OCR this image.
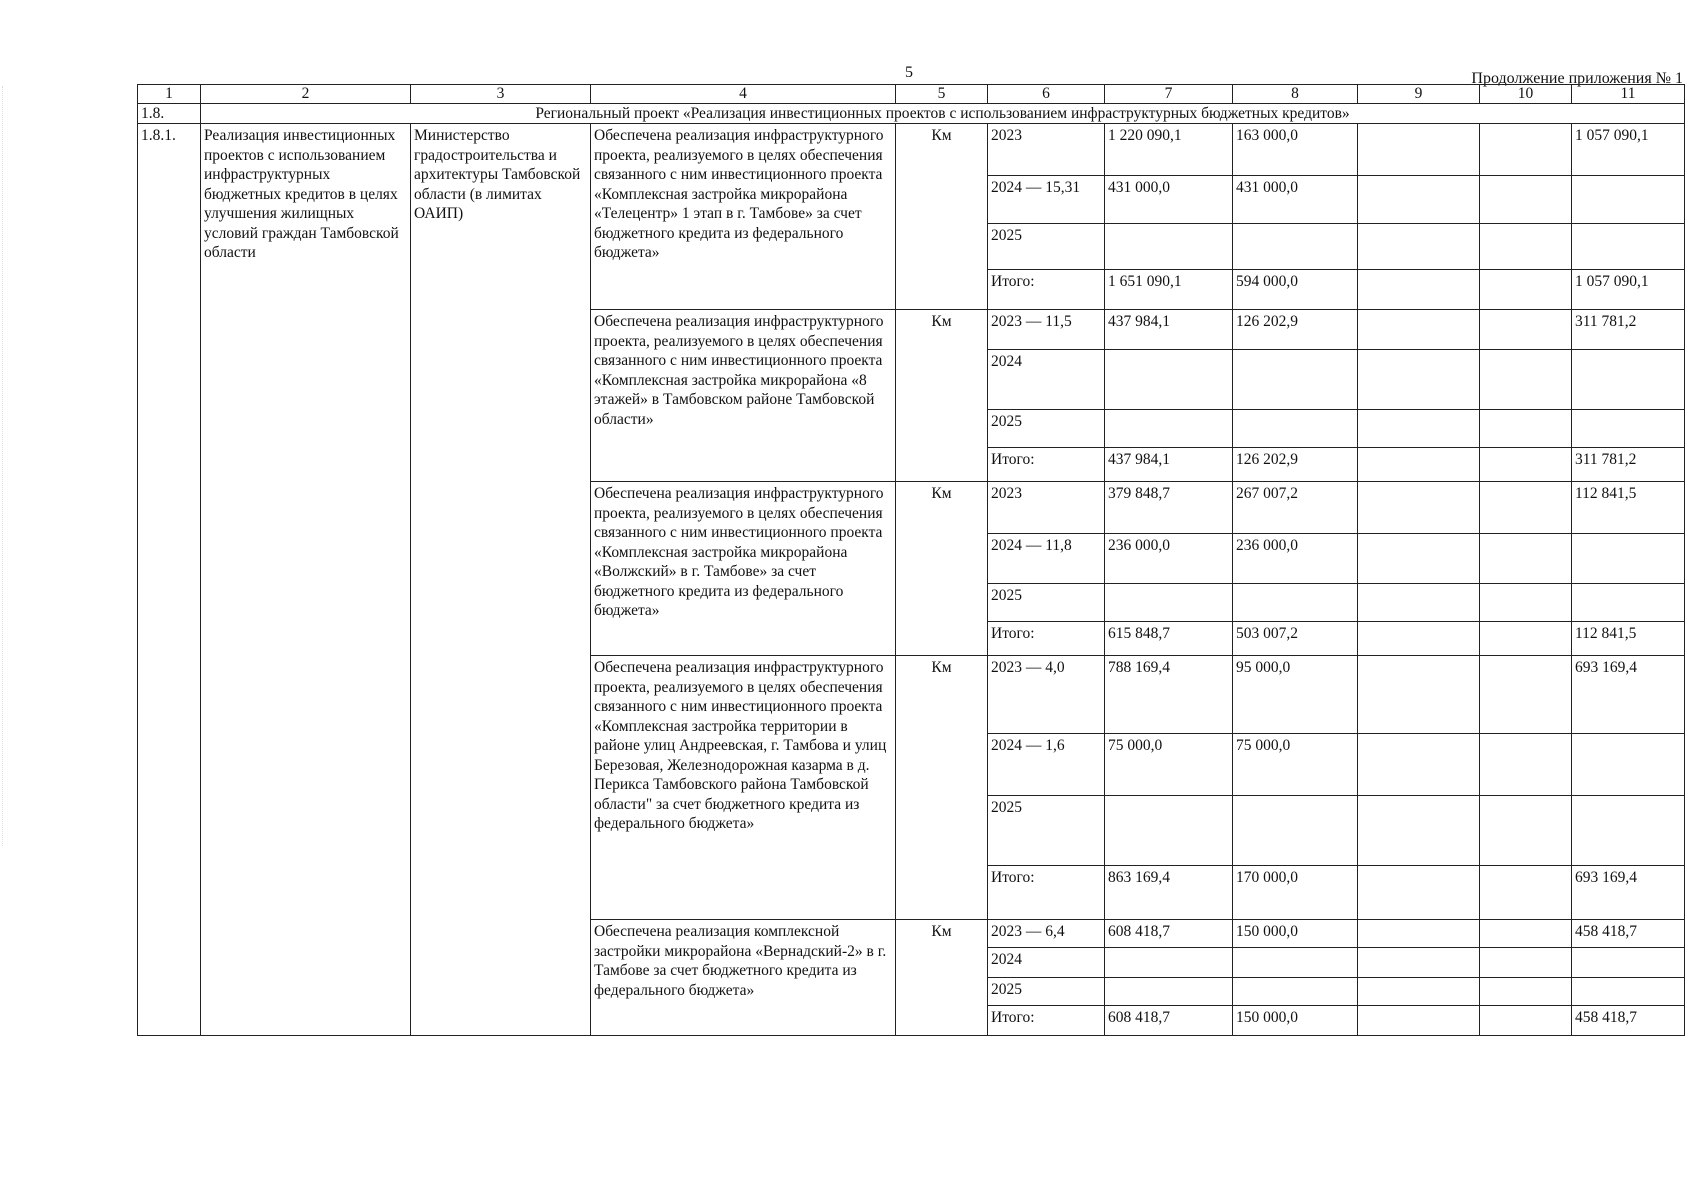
5	Продолжение приложения № 1
1	2	3	4	5	6	7	8	9	10	11
1.8.	Региональный проект «Реализация инвестиционных проектов с использованием инфраструктурных бюджетных кредитов»									
1.8.1.	Реализация инвестиционных проектов с использованием инфраструктурных бюджетных кредитов в целях улучшения жилищных условий граждан Тамбовской области	Министерство градостроительства и архитектуры Тамбовской области (в лимитах ОАИП)	Обеспечена реализация инфраструктурного проекта, реализуемого в целях обеспечения связанного с ним инвестиционного проекта «Комплексная застройка микрорайона «Телецентр» 1 этап в г. Тамбове» за счет бюджетного кредита из федерального бюджета»	Км	2023	1 220 090,1	163 000,0			1 057 090,1
					2024 — 15,31	431 000,0	431 000,0			
					2025					
					Итого:	1 651 090,1	594 000,0			1 057 090,1
			Обеспечена реализация инфраструктурного проекта, реализуемого в целях обеспечения связанного с ним инвестиционного проекта «Комплексная застройка микрорайона «8 этажей» в Тамбовском районе Тамбовской области»	Км	2023 — 11,5	437 984,1	126 202,9			311 781,2
					2024					
					2025					
					Итого:	437 984,1	126 202,9			311 781,2
			Обеспечена реализация инфраструктурного проекта, реализуемого в целях обеспечения связанного с ним инвестиционного проекта «Комплексная застройка микрорайона «Волжский» в г. Тамбове» за счет бюджетного кредита из федерального бюджета»	Км	2023	379 848,7	267 007,2			112 841,5
					2024 — 11,8	236 000,0	236 000,0			
					2025					
					Итого:	615 848,7	503 007,2			112 841,5
			Обеспечена реализация инфраструктурного проекта, реализуемого в целях обеспечения связанного с ним инвестиционного проекта «Комплексная застройка территории в районе улиц Андреевская, г. Тамбова и улиц Березовая, Железнодорожная казарма в д. Перикса Тамбовского района Тамбовской области" за счет бюджетного кредита из федерального бюджета»	Км	2023 — 4,0	788 169,4	95 000,0			693 169,4
					2024 — 1,6	75 000,0	75 000,0			
					2025					
					Итого:	863 169,4	170 000,0			693 169,4
			Обеспечена реализация комплексной застройки микрорайона «Вернадский-2» в г. Тамбове за счет бюджетного кредита из федерального бюджета»	Км	2023 — 6,4	608 418,7	150 000,0			458 418,7
					2024					
					2025					
					Итого:	608 418,7	150 000,0			458 418,7
